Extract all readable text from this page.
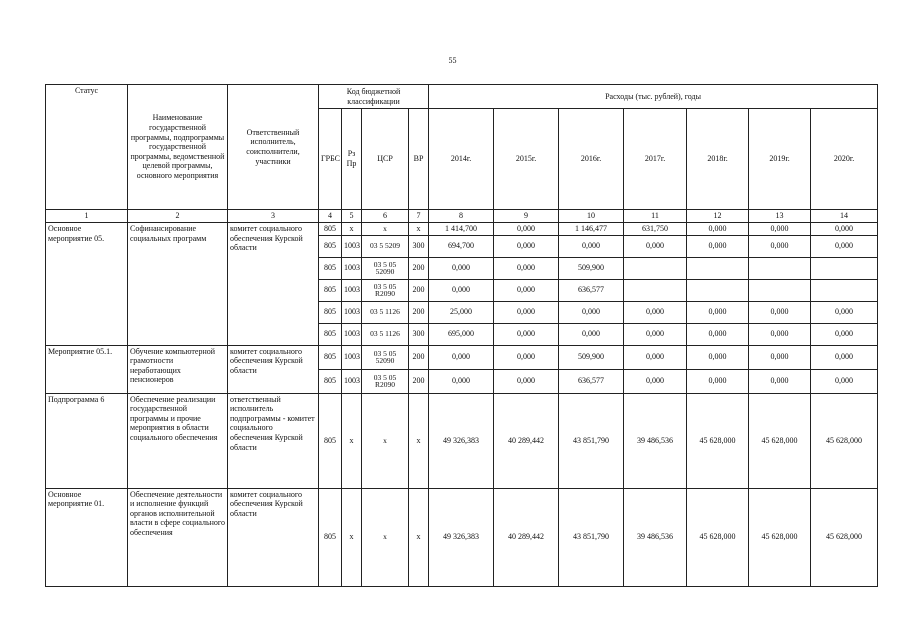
55
Статус	Наименование государственной программы, подпрограммы государственной программы, ведомственной целевой программы, основного мероприятия	Ответственный исполнитель, соисполнители, участники	Код бюджетной классификации				Расходы (тыс. рублей), годы						
			ГРБС	Рз Пр	ЦСР	ВР	2014г.	2015г.	2016г.	2017г.	2018г.	2019г.	2020г.
1	2	3	4	5	6	7	8	9	10	11	12	13	14
Основное мероприятие 05.	Софинансирование социальных программ	комитет социального обеспечения Курской области	805	x	x	x	1 414,700	0,000	1 146,477	631,750	0,000	0,000	0,000
			805	1003	03 5 5209	300	694,700	0,000	0,000	0,000	0,000	0,000	0,000
			805	1003	03 5 05 52090	200	0,000	0,000	509,900				
			805	1003	03 5 05 R2090	200	0,000	0,000	636,577				
			805	1003	03 5 1126	200	25,000	0,000	0,000	0,000	0,000	0,000	0,000
			805	1003	03 5 1126	300	695,000	0,000	0,000	0,000	0,000	0,000	0,000
Мероприятие 05.1.	Обучение компьютерной грамотности неработающих пенсионеров	комитет социального обеспечения Курской области	805	1003	03 5 05 52090	200	0,000	0,000	509,900	0,000	0,000	0,000	0,000
			805	1003	03 5 05 R2090	200	0,000	0,000	636,577	0,000	0,000	0,000	0,000
Подпрограмма 6	Обеспечение реализации государственной программы и прочие мероприятия в области социального обеспечения	ответственный исполнитель подпрограммы - комитет социального обеспечения Курской области	805	x	x	x	49 326,383	40 289,442	43 851,790	39 486,536	45 628,000	45 628,000	45 628,000
Основное мероприятие 01.	Обеспечение деятельности и исполнение функций органов исполнительной власти в сфере социального обеспечения	комитет социального обеспечения Курской области	805	x	x	x	49 326,383	40 289,442	43 851,790	39 486,536	45 628,000	45 628,000	45 628,000
